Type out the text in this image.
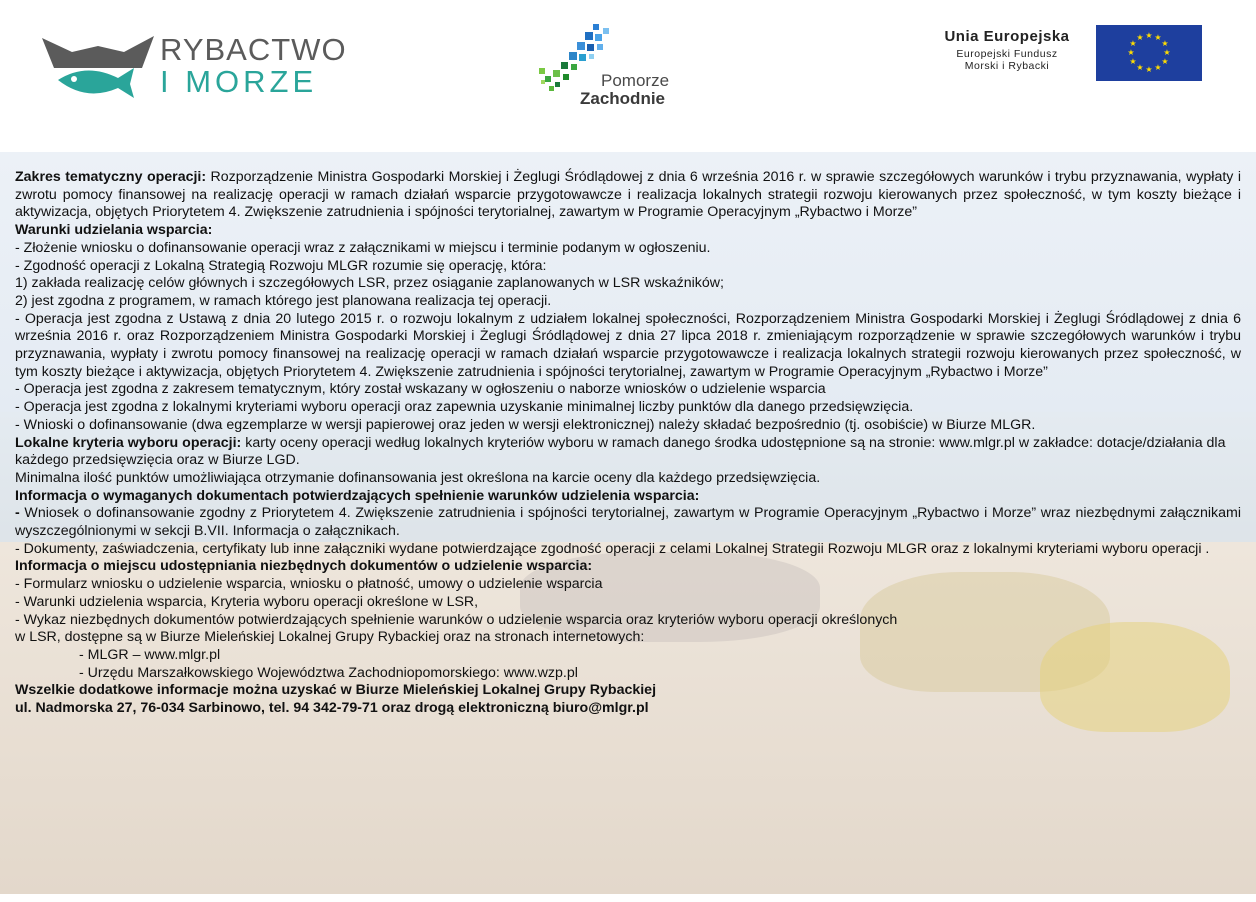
RYBACTWO
I MORZE	Pomorze
Zachodnie
Unia Europejska
Europejski Fundusz
Morski i Rybacki
★ ★
★
★
★
★
★
★
★
★
★
★

Zakres tematyczny operacji: Rozporządzenie Ministra Gospodarki Morskiej i Żeglugi Śródlądowej z dnia 6 września 2016 r. w sprawie szczegółowych warunków i trybu przyznawania, wypłaty i zwrotu pomocy finansowej na realizację operacji w ramach działań wsparcie przygotowawcze i realizacja lokalnych strategii rozwoju kierowanych przez społeczność, w tym koszty bieżące i aktywizacja, objętych Priorytetem 4. Zwiększenie zatrudnienia i spójności terytorialnej, zawartym w Programie Operacyjnym „Rybactwo i Morze”

Warunki udzielania wsparcia:

- Złożenie wniosku o dofinansowanie operacji wraz z załącznikami w miejscu i terminie podanym w ogłoszeniu.

- Zgodność operacji z Lokalną Strategią Rozwoju MLGR rozumie się operację, która:

1) zakłada realizację celów głównych i szczegółowych LSR, przez osiąganie zaplanowanych w LSR wskaźników;

2) jest zgodna z programem, w ramach którego jest planowana realizacja tej operacji.

- Operacja jest zgodna z Ustawą z dnia 20 lutego 2015 r. o rozwoju lokalnym z udziałem lokalnej społeczności, Rozporządzeniem Ministra Gospodarki Morskiej i Żeglugi Śródlądowej z dnia 6 września 2016 r. oraz Rozporządzeniem Ministra Gospodarki Morskiej i Żeglugi Śródlądowej z dnia 27 lipca 2018 r. zmieniającym rozporządzenie w sprawie szczegółowych warunków i trybu przyznawania, wypłaty i zwrotu pomocy finansowej na realizację operacji w ramach działań wsparcie przygotowawcze i realizacja lokalnych strategii rozwoju kierowanych przez społeczność, w tym koszty bieżące i aktywizacja, objętych Priorytetem 4. Zwiększenie zatrudnienia i spójności terytorialnej, zawartym w Programie Operacyjnym „Rybactwo i Morze”

- Operacja jest zgodna z zakresem tematycznym, który został wskazany w ogłoszeniu o naborze wniosków o udzielenie wsparcia

- Operacja jest zgodna z lokalnymi kryteriami wyboru operacji oraz zapewnia uzyskanie minimalnej liczby punktów dla danego przedsięwzięcia.

- Wnioski o dofinansowanie (dwa egzemplarze w wersji papierowej oraz jeden w wersji elektronicznej) należy składać bezpośrednio (tj. osobiście) w Biurze MLGR.

Lokalne kryteria wyboru operacji: karty oceny operacji według lokalnych kryteriów wyboru w ramach danego środka udostępnione są na stronie: www.mlgr.pl w zakładce: dotacje/działania dla każdego przedsięwzięcia oraz w Biurze LGD.

Minimalna ilość punktów umożliwiająca otrzymanie dofinansowania jest określona na karcie oceny dla każdego przedsięwzięcia.

Informacja o wymaganych dokumentach potwierdzających spełnienie warunków udzielenia wsparcia:

- Wniosek o dofinansowanie zgodny z Priorytetem 4. Zwiększenie zatrudnienia i spójności terytorialnej, zawartym w Programie Operacyjnym „Rybactwo i Morze” wraz niezbędnymi załącznikami wyszczególnionymi w sekcji B.VII. Informacja o załącznikach.

- Dokumenty, zaświadczenia, certyfikaty lub inne załączniki wydane potwierdzające zgodność operacji z celami Lokalnej Strategii Rozwoju MLGR oraz z lokalnymi kryteriami wyboru operacji .

Informacja o miejscu udostępniania niezbędnych dokumentów o udzielenie wsparcia:

- Formularz wniosku o udzielenie wsparcia, wniosku o płatność, umowy o udzielenie wsparcia

- Warunki udzielenia wsparcia, Kryteria wyboru operacji określone w LSR,

- Wykaz niezbędnych dokumentów potwierdzających spełnienie warunków o udzielenie wsparcia oraz kryteriów wyboru operacji określonych

w LSR, dostępne są w Biurze Mieleńskiej Lokalnej Grupy Rybackiej oraz na stronach internetowych:

- MLGR – www.mlgr.pl

- Urzędu Marszałkowskiego Województwa Zachodniopomorskiego: www.wzp.pl

Wszelkie dodatkowe informacje można uzyskać w Biurze Mieleńskiej Lokalnej Grupy Rybackiej

ul. Nadmorska 27, 76-034 Sarbinowo, tel. 94 342-79-71 oraz drogą elektroniczną biuro@mlgr.pl
